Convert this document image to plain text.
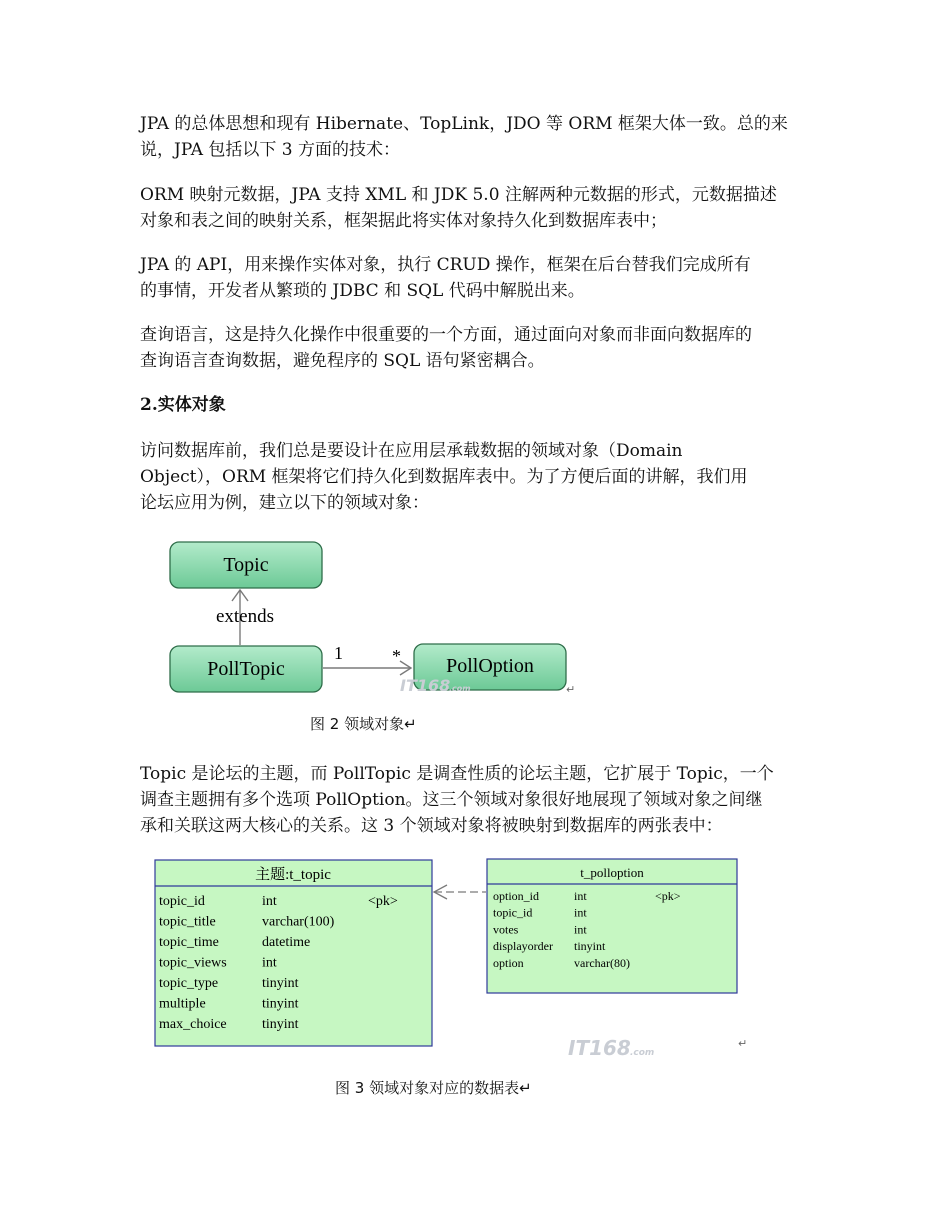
JPA 的总体思想和现有 Hibernate、TopLink，JDO 等 ORM 框架大体一致。总的来
说，JPA 包括以下 3 方面的技术：

ORM 映射元数据，JPA 支持 XML 和 JDK 5.0 注解两种元数据的形式，元数据描述
对象和表之间的映射关系，框架据此将实体对象持久化到数据库表中；

JPA 的 API，用来操作实体对象，执行 CRUD 操作，框架在后台替我们完成所有
的事情，开发者从繁琐的 JDBC 和 SQL 代码中解脱出来。

查询语言，这是持久化操作中很重要的一个方面，通过面向对象而非面向数据库的
查询语言查询数据，避免程序的 SQL 语句紧密耦合。

2.实体对象

访问数据库前，我们总是要设计在应用层承载数据的领域对象（Domain
Object），ORM 框架将它们持久化到数据库表中。为了方便后面的讲解，我们用
论坛应用为例，建立以下的领域对象：

Topic
extends
PollTopic
1	* PollOption
IT168
.com	↵
图 2 领域对象↵

Topic 是论坛的主题，而 PollTopic 是调查性质的论坛主题，它扩展于 Topic，一个
调查主题拥有多个选项 PollOption。这三个领域对象很好地展现了领域对象之间继
承和关联这两大核心的关系。这 3 个领域对象将被映射到数据库的两张表中：

主题:t_topic
topic_id	int	<pk>
topic_title	varchar(100)
topic_time	datetime
topic_views	int
topic_type	tinyint
multiple	tinyint
max_choice	tinyint
t_polloption
option_id	int	<pk>
topic_id	int
votes	int
displayorder tinyint
option	varchar(80)
IT168 .com
↵
图 3 领域对象对应的数据表↵
